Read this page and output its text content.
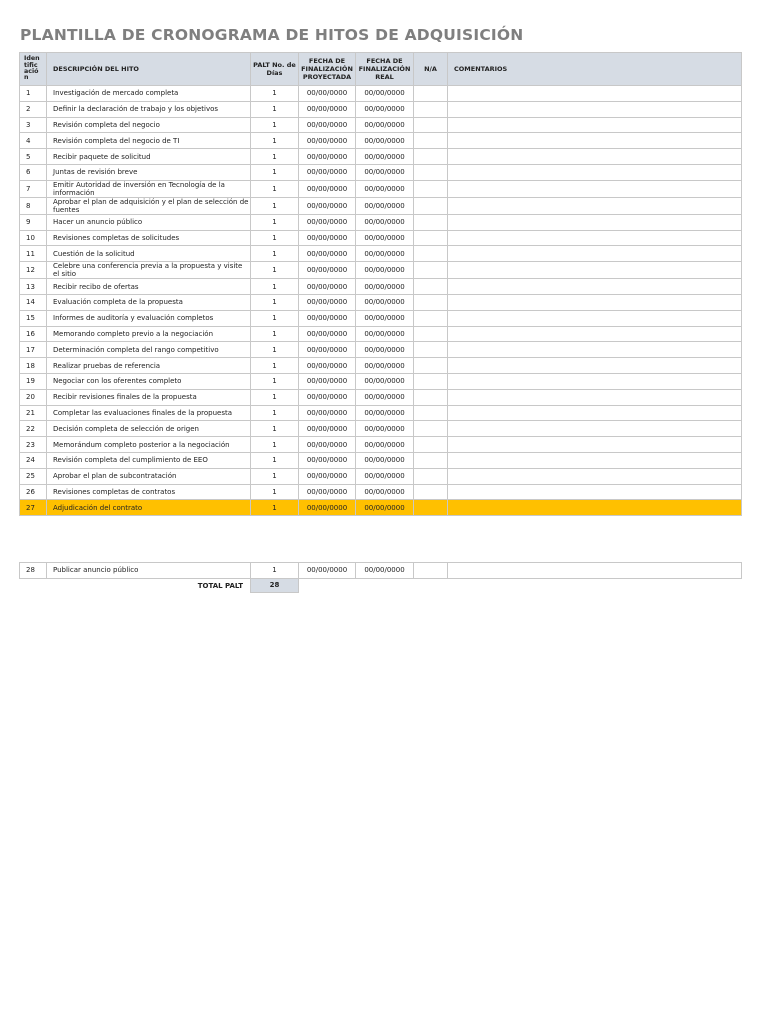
PLANTILLA DE CRONOGRAMA DE HITOS DE ADQUISICIÓN
Iden tific ació n	DESCRIPCIÓN DEL HITO	PALT No. de Días	FECHA DE FINALIZACIÓN PROYECTADA	FECHA DE FINALIZACIÓN REAL	N/A	COMENTARIOS
1	Investigación de mercado completa	1	00/00/0000	00/00/0000		
2	Definir la declaración de trabajo y los objetivos	1	00/00/0000	00/00/0000		
3	Revisión completa del negocio	1	00/00/0000	00/00/0000		
4	Revisión completa del negocio de TI	1	00/00/0000	00/00/0000		
5	Recibir paquete de solicitud	1	00/00/0000	00/00/0000		
6	Juntas de revisión breve	1	00/00/0000	00/00/0000		
7	Emitir Autoridad de inversión en Tecnología de la información	1	00/00/0000	00/00/0000		
8	Aprobar el plan de adquisición y el plan de selección de fuentes	1	00/00/0000	00/00/0000		
9	Hacer un anuncio público	1	00/00/0000	00/00/0000		
10	Revisiones completas de solicitudes	1	00/00/0000	00/00/0000		
11	Cuestión de la solicitud	1	00/00/0000	00/00/0000		
12	Celebre una conferencia previa a la propuesta y visite el sitio	1	00/00/0000	00/00/0000		
13	Recibir recibo de ofertas	1	00/00/0000	00/00/0000		
14	Evaluación completa de la propuesta	1	00/00/0000	00/00/0000		
15	Informes de auditoría y evaluación completos	1	00/00/0000	00/00/0000		
16	Memorando completo previo a la negociación	1	00/00/0000	00/00/0000		
17	Determinación completa del rango competitivo	1	00/00/0000	00/00/0000		
18	Realizar pruebas de referencia	1	00/00/0000	00/00/0000		
19	Negociar con los oferentes completo	1	00/00/0000	00/00/0000		
20	Recibir revisiones finales de la propuesta	1	00/00/0000	00/00/0000		
21	Completar las evaluaciones finales de la propuesta	1	00/00/0000	00/00/0000		
22	Decisión completa de selección de origen	1	00/00/0000	00/00/0000		
23	Memorándum completo posterior a la negociación	1	00/00/0000	00/00/0000		
24	Revisión completa del cumplimiento de EEO	1	00/00/0000	00/00/0000		
25	Aprobar el plan de subcontratación	1	00/00/0000	00/00/0000		
26	Revisiones completas de contratos	1	00/00/0000	00/00/0000		
27	Adjudicación del contrato	1	00/00/0000	00/00/0000		
28	Publicar anuncio público	1	00/00/0000	00/00/0000		
TOTAL PALT		28				
